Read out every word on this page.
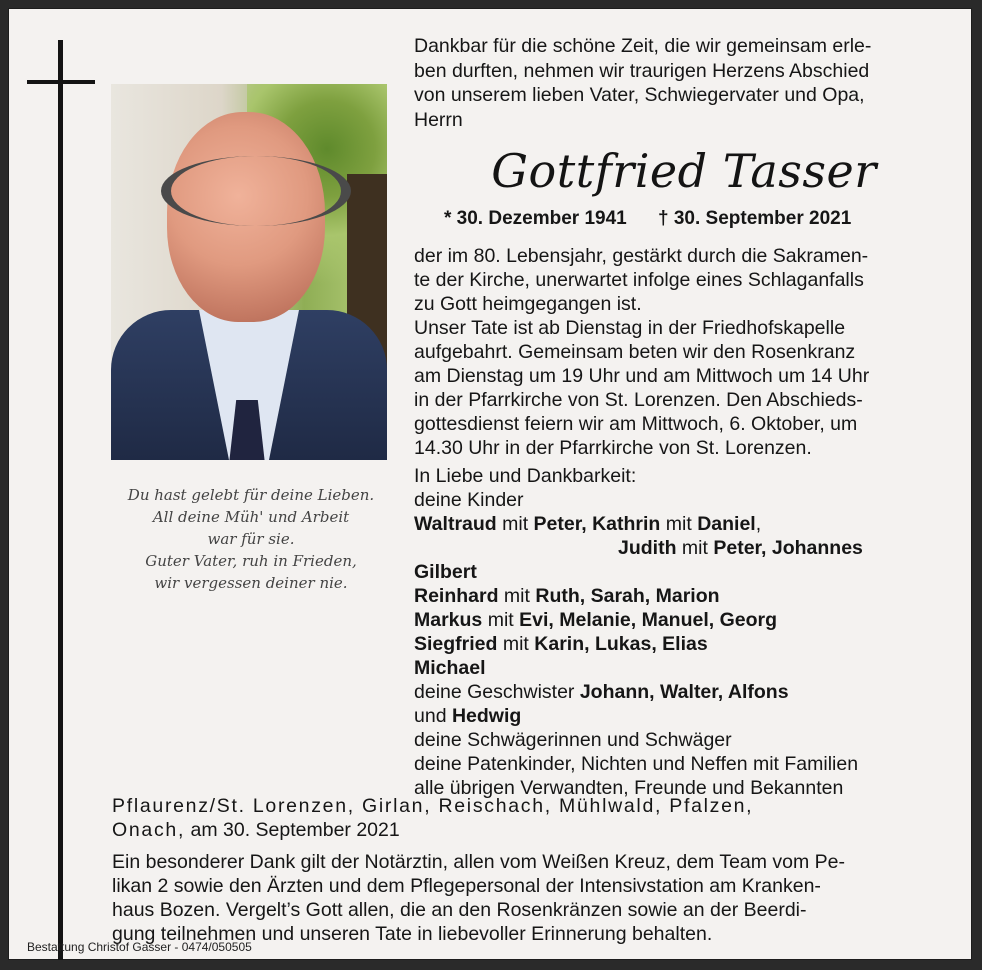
Du hast gelebt für deine Lieben.
All deine Müh' und Arbeit
war für sie.
Guter Vater, ruh in Frieden,
wir vergessen deiner nie.
Dankbar für die schöne Zeit, die wir gemeinsam erle-
ben durften, nehmen wir traurigen Herzens Abschied
von unserem lieben Vater, Schwiegervater und Opa,
Herrn
Gottfried Tasser
* 30. Dezember 1941 † 30. September 2021
der im 80. Lebensjahr, gestärkt durch die Sakramen-
te der Kirche, unerwartet infolge eines Schlaganfalls
zu Gott heimgegangen ist.
Unser Tate ist ab Dienstag in der Friedhofskapelle
aufgebahrt. Gemeinsam beten wir den Rosenkranz
am Dienstag um 19 Uhr und am Mittwoch um 14 Uhr
in der Pfarrkirche von St. Lorenzen. Den Abschieds-
gottesdienst feiern wir am Mittwoch, 6. Oktober, um
14.30 Uhr in der Pfarrkirche von St. Lorenzen.
In Liebe und Dankbarkeit:
deine Kinder
Waltraud mit Peter, Kathrin mit Daniel,
Judith mit Peter, Johannes
Gilbert
Reinhard mit Ruth, Sarah, Marion
Markus mit Evi, Melanie, Manuel, Georg
Siegfried mit Karin, Lukas, Elias
Michael
deine Geschwister Johann, Walter, Alfons
und Hedwig
deine Schwägerinnen und Schwäger
deine Patenkinder, Nichten und Neffen mit Familien
alle übrigen Verwandten, Freunde und Bekannten
Pflaurenz/St. Lorenzen, Girlan, Reischach, Mühlwald, Pfalzen,
Onach, am 30. September 2021
Ein besonderer Dank gilt der Notärztin, allen vom Weißen Kreuz, dem Team vom Pe-
likan 2 sowie den Ärzten und dem Pflegepersonal der Intensivstation am Kranken-
haus Bozen. Vergelt’s Gott allen, die an den Rosenkränzen sowie an der Beerdi-
gung teilnehmen und unseren Tate in liebevoller Erinnerung behalten.
Bestattung Christof Gasser - 0474/050505
